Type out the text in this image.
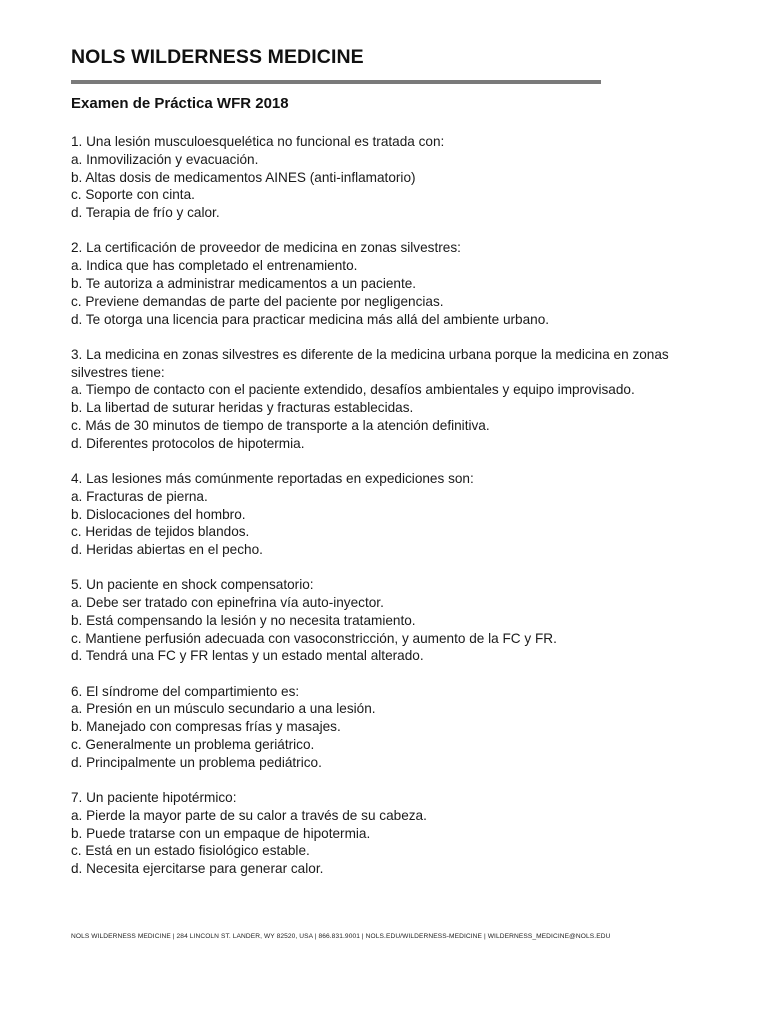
NOLS WILDERNESS MEDICINE
Examen de Práctica WFR 2018
1. Una lesión musculoesquelética no funcional es tratada con:
a. Inmovilización y evacuación.
b. Altas dosis de medicamentos AINES (anti-inflamatorio)
c. Soporte con cinta.
d. Terapia de frío y calor.
2. La certificación de proveedor de medicina en zonas silvestres:
a. Indica que has completado el entrenamiento.
b. Te autoriza a administrar medicamentos a un paciente.
c. Previene demandas de parte del paciente por negligencias.
d. Te otorga una licencia para practicar medicina más allá del ambiente urbano.
3. La medicina en zonas silvestres es diferente de la medicina urbana porque la medicina en zonas silvestres tiene:
a. Tiempo de contacto con el paciente extendido, desafíos ambientales y equipo improvisado.
b. La libertad de suturar heridas y fracturas establecidas.
c. Más de 30 minutos de tiempo de transporte a la atención definitiva.
d. Diferentes protocolos de hipotermia.
4. Las lesiones más comúnmente reportadas en expediciones son:
a. Fracturas de pierna.
b. Dislocaciones del hombro.
c. Heridas de tejidos blandos.
d. Heridas abiertas en el pecho.
5. Un paciente en shock compensatorio:
a. Debe ser tratado con epinefrina vía auto-inyector.
b. Está compensando la lesión y no necesita tratamiento.
c. Mantiene perfusión adecuada con vasoconstricción, y aumento de la FC y FR.
d. Tendrá una FC y FR lentas y un estado mental alterado.
6. El síndrome del compartimiento es:
a. Presión en un músculo secundario a una lesión.
b. Manejado con compresas frías y masajes.
c. Generalmente un problema geriátrico.
d. Principalmente un problema pediátrico.
7. Un paciente hipotérmico:
a. Pierde la mayor parte de su calor a través de su cabeza.
b. Puede tratarse con un empaque de hipotermia.
c. Está en un estado fisiológico estable.
d. Necesita ejercitarse para generar calor.
NOLS WILDERNESS MEDICINE | 284 LINCOLN ST. LANDER, WY 82520, USA | 866.831.9001 | NOLS.EDU/WILDERNESS-MEDICINE | WILDERNESS_MEDICINE@NOLS.EDU
